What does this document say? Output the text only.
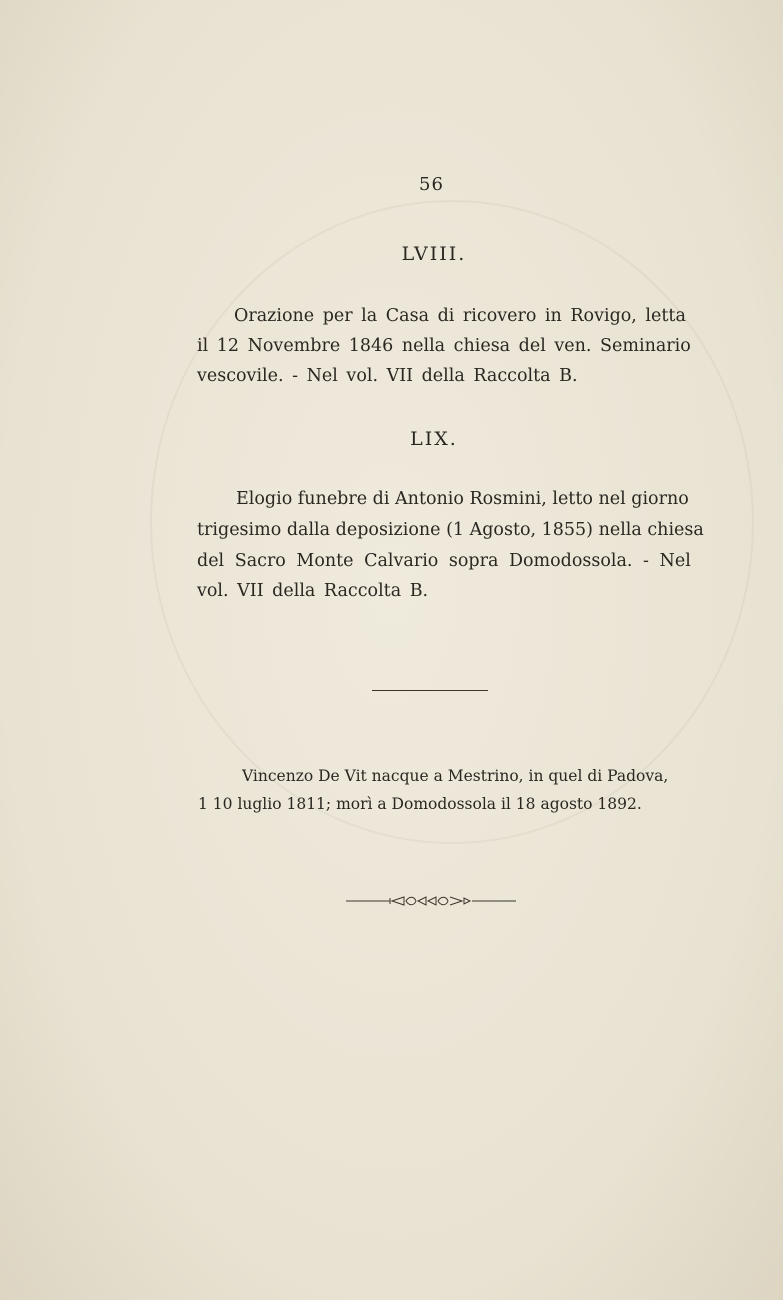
56
LVIII.
Orazione per la Casa di ricovero in Rovigo, letta
il 12 Novembre 1846 nella chiesa del ven. Seminario
vescovile. - Nel vol. VII della Raccolta B.
LIX.
Elogio funebre di Antonio Rosmini, letto nel giorno
trigesimo dalla deposizione (1 Agosto, 1855) nella chiesa
del Sacro Monte Calvario sopra Domodossola. - Nel
vol. VII della Raccolta B.
Vincenzo De Vit nacque a Mestrino, in quel di Padova,
1 10 luglio 1811; morì a Domodossola il 18 agosto 1892.
